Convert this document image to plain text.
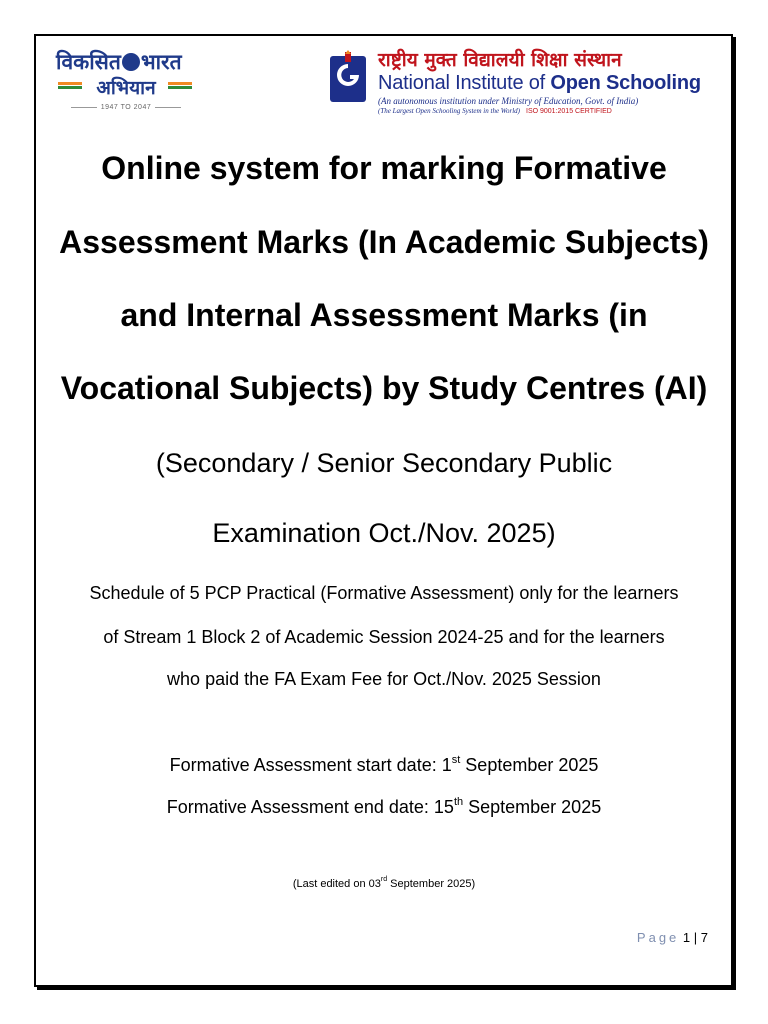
विकसित भारत
अभियान
1947 TO 2047
राष्ट्रीय मुक्त विद्यालयी शिक्षा संस्थान
National Institute of Open Schooling
(An autonomous institution under Ministry of Education, Govt. of India)
(The Largest Open Schooling System in the World) ISO 9001:2015 CERTIFIED
Online system for marking Formative
Assessment Marks (In Academic Subjects)
and Internal Assessment Marks (in
Vocational Subjects) by Study Centres (AI)
(Secondary / Senior Secondary Public
Examination Oct./Nov. 2025)
Schedule of 5 PCP Practical (Formative Assessment) only for the learners
of Stream 1 Block 2 of Academic Session 2024-25 and for the learners
who paid the FA Exam Fee for Oct./Nov. 2025 Session
Formative Assessment start date: 1st September 2025
Formative Assessment end date: 15th September 2025
(Last edited on 03rd September 2025)
Page 1 | 7
